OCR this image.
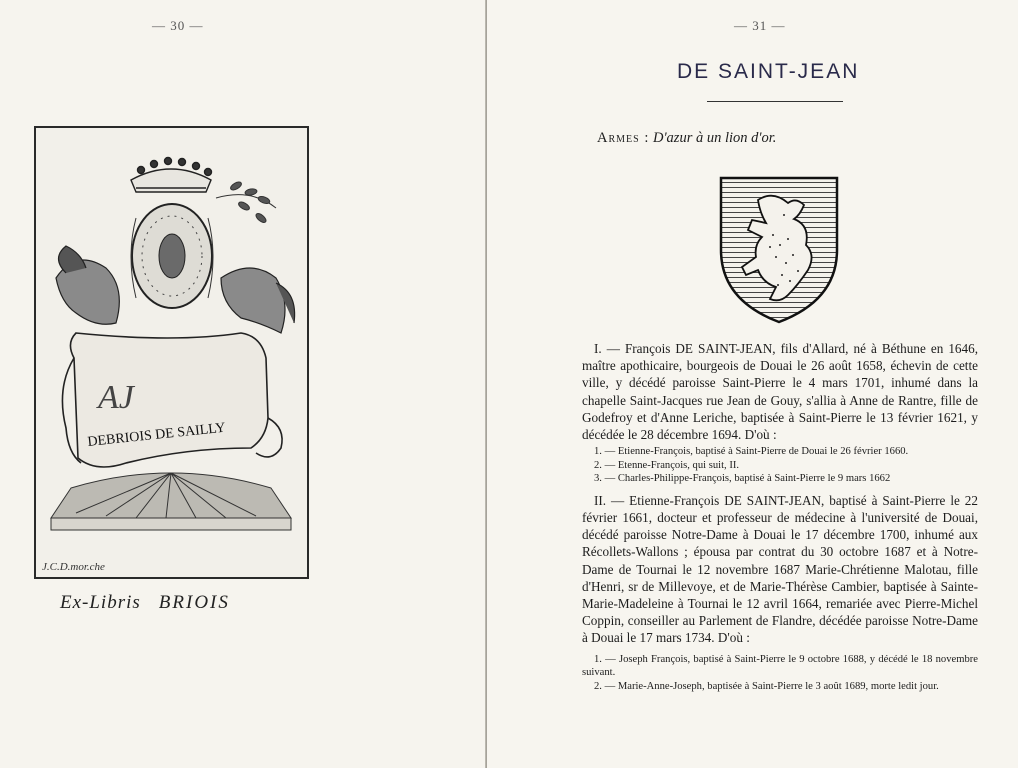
— 30 —
AJ
DEBRIOIS DE SAILLY
J.C.D.mor.che
Ex-Libris BRIOIS
— 31 —
DE SAINT-JEAN
Armes : D'azur à un lion d'or.

I. — François DE SAINT-JEAN, fils d'Allard, né à Béthune en 1646, maître apothicaire, bourgeois de Douai le 26 août 1658, échevin de cette ville, y décédé paroisse Saint-Pierre le 4 mars 1701, inhumé dans la chapelle Saint-Jacques rue Jean de Gouy, s'allia à Anne de Rantre, fille de Godefroy et d'Anne Leriche, baptisée à Saint-Pierre le 13 février 1621, y décédée le 28 décembre 1694. D'où :

1. — Etienne-François, baptisé à Saint-Pierre de Douai le 26 février 1660.

2. — Etenne-François, qui suit, II.

3. — Charles-Philippe-François, baptisé à Saint-Pierre le 9 mars 1662

II. — Etienne-François DE SAINT-JEAN, baptisé à Saint-Pierre le 22 février 1661, docteur et professeur de médecine à l'université de Douai, décédé paroisse Notre-Dame à Douai le 17 décembre 1700, inhumé aux Récollets-Wallons ; épousa par contrat du 30 octobre 1687 et à Notre-Dame de Tournai le 12 novembre 1687 Marie-Chrétienne Malotau, fille d'Henri, sr de Millevoye, et de Marie-Thérèse Cambier, baptisée à Sainte-Marie-Madeleine à Tournai le 12 avril 1664, remariée avec Pierre-Michel Coppin, conseiller au Parlement de Flandre, décédée paroisse Notre-Dame à Douai le 17 mars 1734. D'où :

1. — Joseph François, baptisé à Saint-Pierre le 9 octobre 1688, y décédé le 18 novembre suivant.

2. — Marie-Anne-Joseph, baptisée à Saint-Pierre le 3 août 1689, morte ledit jour.
